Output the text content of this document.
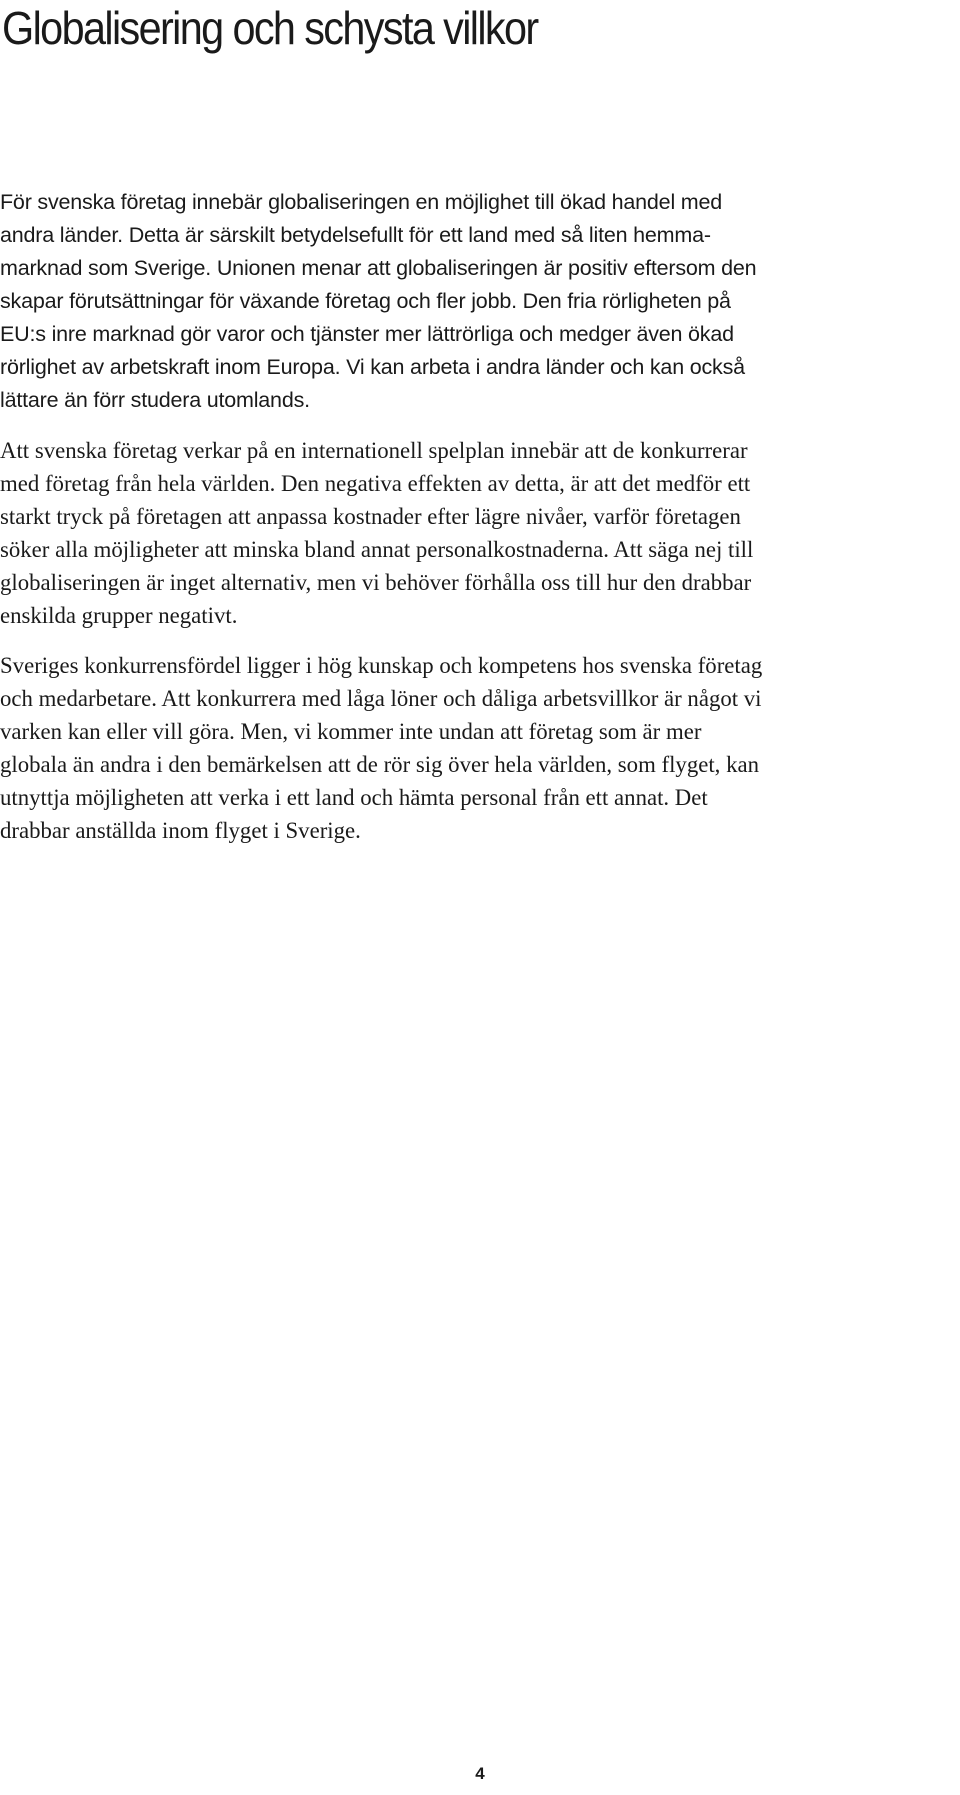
Globalisering och schysta villkor

För svenska företag innebär globaliseringen en möjlighet till ökad handel med
andra länder. Detta är särskilt betydelsefullt för ett land med så liten hemma-
marknad som Sverige. Unionen menar att globaliseringen är positiv eftersom den
skapar förutsättningar för växande företag och fler jobb. Den fria rörligheten på
EU:s inre marknad gör varor och tjänster mer lättrörliga och medger även ökad
rörlighet av arbetskraft inom Europa. Vi kan arbeta i andra länder och kan också
lättare än förr studera utomlands.

Att svenska företag verkar på en internationell spelplan innebär att de konkurrerar
med företag från hela världen. Den negativa effekten av detta, är att det medför ett
starkt tryck på företagen att anpassa kostnader efter lägre nivåer, varför företagen
söker alla möjligheter att minska bland annat personalkostnaderna. Att säga nej till
globaliseringen är inget alternativ, men vi behöver förhålla oss till hur den drabbar
enskilda grupper negativt.

Sveriges konkurrensfördel ligger i hög kunskap och kompetens hos svenska företag
och medarbetare. Att konkurrera med låga löner och dåliga arbetsvillkor är något vi
varken kan eller vill göra. Men, vi kommer inte undan att företag som är mer
globala än andra i den bemärkelsen att de rör sig över hela världen, som flyget, kan
utnyttja möjligheten att verka i ett land och hämta personal från ett annat. Det
drabbar anställda inom flyget i Sverige.

4
